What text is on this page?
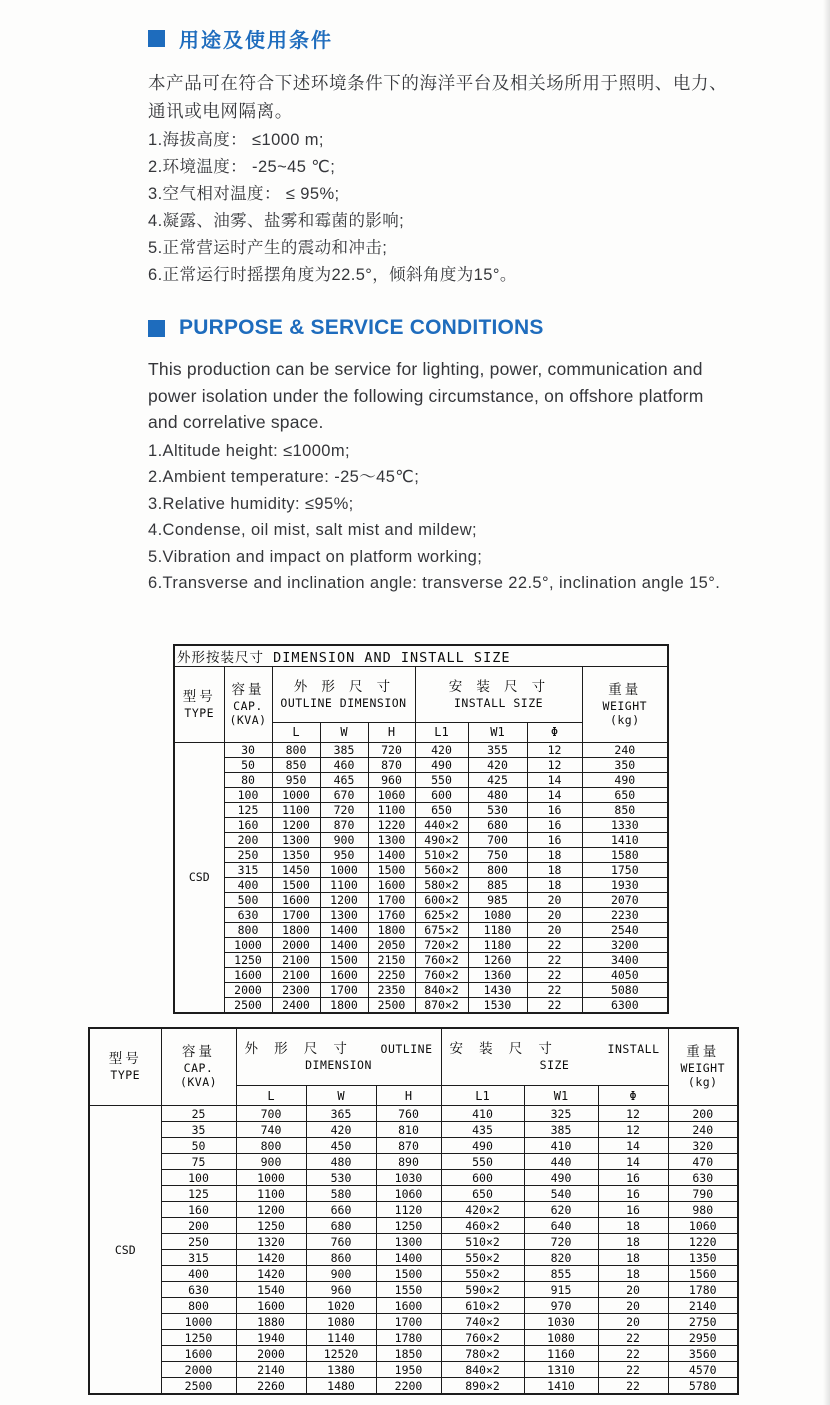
用途及使用条件
本产品可在符合下述环境条件下的海洋平台及相关场所用于照明、电力、
通讯或电网隔离。
1.海拔高度： ≤1000 m;
2.环境温度： -25~45 ℃;
3.空气相对温度： ≤ 95%;
4.凝露、油雾、盐雾和霉菌的影响;
5.正常营运时产生的震动和冲击;
6.正常运行时摇摆角度为22.5°，倾斜角度为15°。
PURPOSE & SERVICE CONDITIONS
This production can be service for lighting, power, communication and
power isolation under the following circumstance, on offshore platform
and correlative space.
1.Altitude height: ≤1000m;
2.Ambient temperature: -25～45℃;
3.Relative humidity: ≤95%;
4.Condense, oil mist, salt mist and mildew;
5.Vibration and impact on platform working;
6.Transverse and inclination angle: transverse 22.5°, inclination angle 15°.
外形按装尺寸 DIMENSION AND INSTALL SIZE								

型号
TYPE

容量
CAP.
(KVA)

外 形 尺 寸
OUTLINE DIMENSION

安 装 尺 寸
INSTALL SIZE

重量
WEIGHT
(kg)

		L	W	H	L1	W1	Φ	
CSD	30	800	385	720	420	355	12	240
	50	850	460	870	490	420	12	350
	80	950	465	960	550	425	14	490
	100	1000	670	1060	600	480	14	650
	125	1100	720	1100	650	530	16	850
	160	1200	870	1220	440×2	680	16	1330
	200	1300	900	1300	490×2	700	16	1410
	250	1350	950	1400	510×2	750	18	1580
	315	1450	1000	1500	560×2	800	18	1750
	400	1500	1100	1600	580×2	885	18	1930
	500	1600	1200	1700	600×2	985	20	2070
	630	1700	1300	1760	625×2	1080	20	2230
	800	1800	1400	1800	675×2	1180	20	2540
	1000	2000	1400	2050	720×2	1180	22	3200
	1250	2100	1500	2150	760×2	1260	22	3400
	1600	2100	1600	2250	760×2	1360	22	4050
	2000	2300	1700	2350	840×2	1430	22	5080
	2500	2400	1800	2500	870×2	1530	22	6300
型号
TYPE

容量
CAP.
(KVA)

外 形 尺 寸	OUTLINE
DIMENSION

安 装 尺 寸	INSTALL
SIZE

重量
WEIGHT
(kg)

		L	W	H	L1	W1	Φ	
CSD	25	700	365	760	410	325	12	200
	35	740	420	810	435	385	12	240
	50	800	450	870	490	410	14	320
	75	900	480	890	550	440	14	470
	100	1000	530	1030	600	490	16	630
	125	1100	580	1060	650	540	16	790
	160	1200	660	1120	420×2	620	16	980
	200	1250	680	1250	460×2	640	18	1060
	250	1320	760	1300	510×2	720	18	1220
	315	1420	860	1400	550×2	820	18	1350
	400	1420	900	1500	550×2	855	18	1560
	630	1540	960	1550	590×2	915	20	1780
	800	1600	1020	1600	610×2	970	20	2140
	1000	1880	1080	1700	740×2	1030	20	2750
	1250	1940	1140	1780	760×2	1080	22	2950
	1600	2000	12520	1850	780×2	1160	22	3560
	2000	2140	1380	1950	840×2	1310	22	4570
	2500	2260	1480	2200	890×2	1410	22	5780
